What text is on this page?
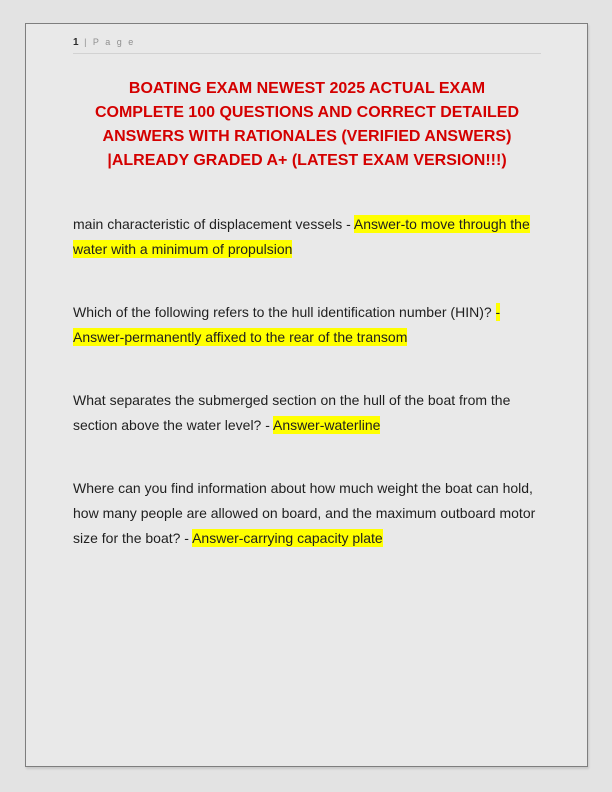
1 | P a g e
BOATING EXAM NEWEST 2025 ACTUAL EXAM COMPLETE 100 QUESTIONS AND CORRECT DETAILED ANSWERS WITH RATIONALES (VERIFIED ANSWERS) |ALREADY GRADED A+ (LATEST EXAM VERSION!!!)

main characteristic of displacement vessels - Answer-to move through the water with a minimum of propulsion

Which of the following refers to the hull identification number (HIN)? - Answer-permanently affixed to the rear of the transom

What separates the submerged section on the hull of the boat from the section above the water level? - Answer-waterline

Where can you find information about how much weight the boat can hold, how many people are allowed on board, and the maximum outboard motor size for the boat? - Answer-carrying capacity plate
